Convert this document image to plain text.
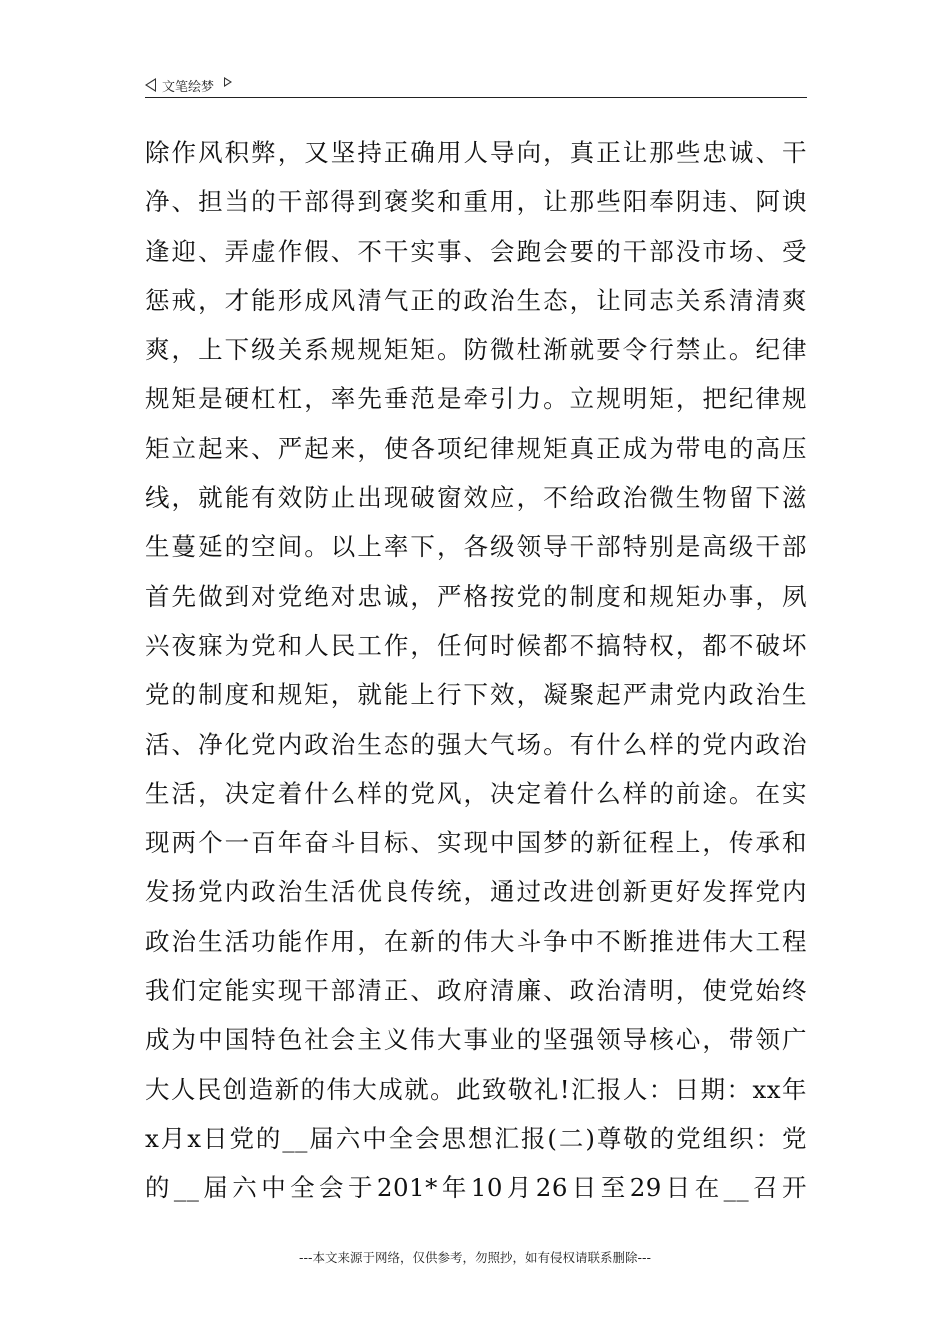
文笔绘梦
除作风积弊，又坚持正确用人导向，真正让那些忠诚、干
净、担当的干部得到褒奖和重用，让那些阳奉阴违、阿谀
逢迎、弄虚作假、不干实事、会跑会要的干部没市场、受
惩戒，才能形成风清气正的政治生态，让同志关系清清爽
爽，上下级关系规规矩矩。防微杜渐就要令行禁止。纪律
规矩是硬杠杠，率先垂范是牵引力。立规明矩，把纪律规
矩立起来、严起来，使各项纪律规矩真正成为带电的高压
线，就能有效防止出现破窗效应，不给政治微生物留下滋
生蔓延的空间。以上率下，各级领导干部特别是高级干部
首先做到对党绝对忠诚，严格按党的制度和规矩办事，夙
兴夜寐为党和人民工作，任何时候都不搞特权，都不破坏
党的制度和规矩，就能上行下效，凝聚起严肃党内政治生
活、净化党内政治生态的强大气场。有什么样的党内政治
生活，决定着什么样的党风，决定着什么样的前途。在实
现两个一百年奋斗目标、实现中国梦的新征程上，传承和
发扬党内政治生活优良传统，通过改进创新更好发挥党内
政治生活功能作用，在新的伟大斗争中不断推进伟大工程
我们定能实现干部清正、政府清廉、政治清明，使党始终
成为中国特色社会主义伟大事业的坚强领导核心，带领广
大人民创造新的伟大成就。此致敬礼!汇报人：日期：xx年
x月x日党的__届六中全会思想汇报(二)尊敬的党组织：党
的__届六中全会于201*年10月26日至29日在__召开
---本文来源于网络，仅供参考，勿照抄，如有侵权请联系删除---
